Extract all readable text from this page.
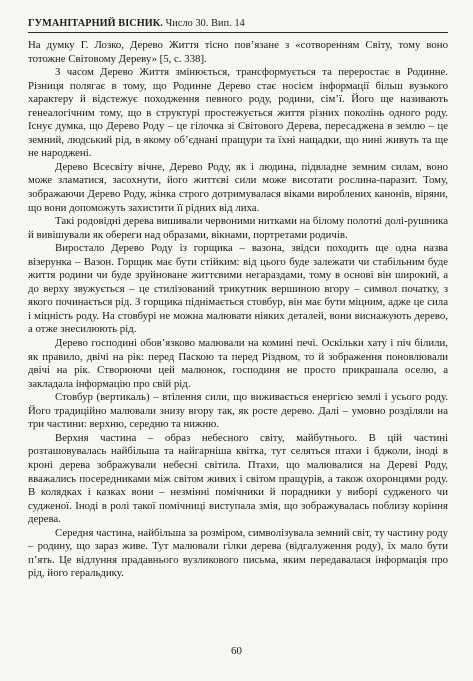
ГУМАНІТАРНИЙ ВІСНИК. Число 30. Вип. 14

На думку Г. Лозко, Дерево Життя тісно пов’язане з «сотворенням Світу, тому воно тотожне Світовому Дереву» [5, с. 338].

З часом Дерево Життя змінюється, трансформується та переростає в Родинне. Різниця полягає в тому, що Родинне Дерево стає носієм інформації більш вузького характеру й відстежує походження певного роду, родини, сім’ї. Його ще називають генеалогічним тому, що в структурі простежується життя різних поколінь одного роду. Існує думка, що Дерево Роду – це гілочка зі Світового Дерева, пересаджена в землю – це земний, людський рід, в якому об’єднані пращури та їхні нащадки, що нині живуть та ще не народжені.

Дерево Всесвіту вічне, Дерево Роду, як і людина, підвладне земним силам, воно може зламатися, засохнути, його життєві сили може висотати рослина-паразит. Тому, зображаючи Дерево Роду, жінка строго дотримувалася віками вироблених канонів, віряни, що вони допоможуть захистити її рідних від лиха.

Такі родовідні дерева вишивали червоними нитками на білому полотні долі-рушника й вивішували як обереги над образами, вікнами, портретами родичів.

Виростало Дерево Роду із горщика – вазона, звідси походить ще одна назва візерунка – Вазон. Горщик має бути стійким: від цього буде залежати чи стабільним буде життя родини чи буде зруйноване життєвими негараздами, тому в основі він широкий, а до верху звужується – це стилізований трикутник вершиною вгору – символ початку, з якого починається рід. З горщика піднімається стовбур, він має бути міцним, адже це сила і міцність роду. На стовбурі не можна малювати ніяких деталей, вони виснажують дерево, а отже знесилюють рід.

Дерево господині обов’язково малювали на комині печі. Оскільки хату і піч білили, як правило, двічі на рік: перед Паскою та перед Різдвом, то й зображення поновлювали двічі на рік. Створюючи цей малюнок, господиня не просто прикрашала оселю, а закладала інформацію про свій рід.

Стовбур (вертикаль) – втілення сили, що виживається енергією землі і усього роду. Його традиційно малювали знизу вгору так, як росте дерево. Далі – умовно розділяли на три частини: верхню, середню та нижню.

Верхня частина – образ небесного світу, майбутнього. В цій частині розташовувалась найбільша та найгарніша квітка, тут селяться птахи і бджоли, іноді в кроні дерева зображували небесні світила. Птахи, що малювалися на Дереві Роду, вважались посередниками між світом живих і світом пращурів, а також охоронцями роду. В колядках і казках вони – незмінні помічники й порадники у виборі судженого чи судженої. Іноді в ролі такої помічниці виступала змія, що зображувалась поблизу коріння дерева.

Середня частина, найбільша за розміром, символізувала земний світ, ту частину роду – родину, що зараз живе. Тут малювали гілки дерева (відгалуження роду), їх мало бути п’ять. Це відлуння прадавнього вузликового письма, яким передавалася інформація про рід, його геральдику.

60
